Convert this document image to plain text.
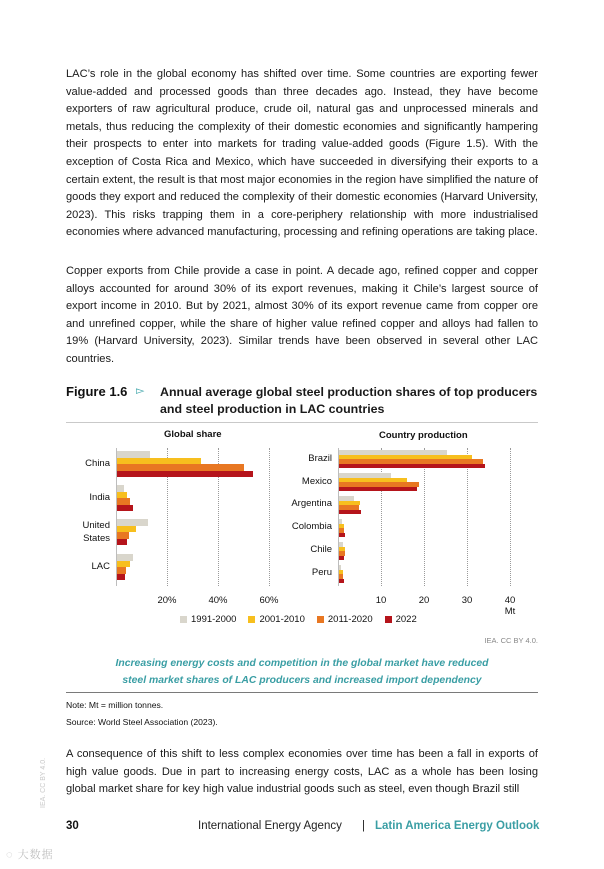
LAC’s role in the global economy has shifted over time. Some countries are exporting fewer value-added and processed goods than three decades ago. Instead, they have become exporters of raw agricultural produce, crude oil, natural gas and unprocessed minerals and metals, thus reducing the complexity of their domestic economies and significantly hampering their prospects to enter into markets for trading value-added goods (Figure 1.5). With the exception of Costa Rica and Mexico, which have succeeded in diversifying their exports to a certain extent, the result is that most major economies in the region have simplified the nature of goods they export and reduced the complexity of their domestic economies (Harvard University, 2023). This risks trapping them in a core-periphery relationship with more industrialised economies where advanced manufacturing, processing and refining operations are taking place.

Copper exports from Chile provide a case in point. A decade ago, refined copper and copper alloys accounted for around 30% of its export revenues, making it Chile’s largest source of export income in 2010. But by 2021, almost 30% of its export revenue came from copper ore and unrefined copper, while the share of higher value refined copper and alloys had fallen to 19% (Harvard University, 2023). Similar trends have been observed in several other LAC countries.

Figure 1.6 ▻ Annual average global steel production shares of top producers and steel production in LAC countries
Global share
China
India
United
States
LAC
20%	40%	60%
Country production
Brazil
Mexico
Argentina
Colombia
Chile
Peru
10	20	30	40
Mt
1991-2000 2001-2010 2011-2020 2022
IEA. CC BY 4.0.
Increasing energy costs and competition in the global market have reduced
steel market shares of LAC producers and increased import dependency
Note: Mt = million tonnes.
Source: World Steel Association (2023).

A consequence of this shift to less complex economies over time has been a fall in exports of high value goods. Due in part to increasing energy costs, LAC as a whole has been losing global market share for key high value industrial goods such as steel, even though Brazil still

IEA. CC BY 4.0.
30	International Energy Agency | Latin America Energy Outlook
◌ 大数据
